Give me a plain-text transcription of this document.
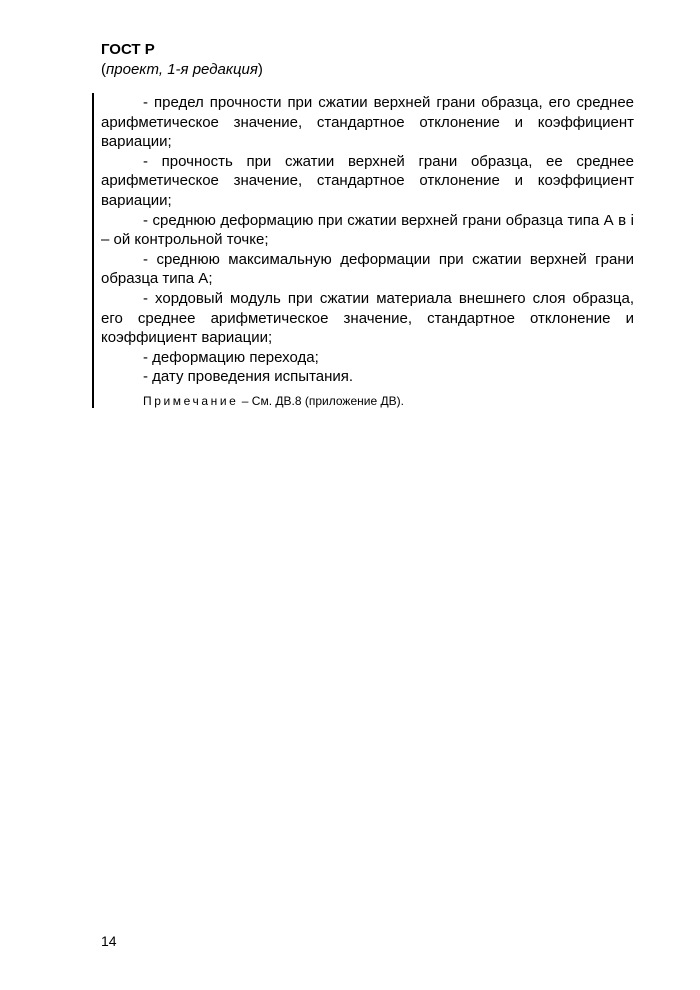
ГОСТ Р

(проект, 1-я редакция)

- предел прочности при сжатии верхней грани образца, его среднее арифметическое значение, стандартное отклонение и коэффициент вариации;

- прочность при сжатии верхней грани образца, ее среднее арифметическое значение, стандартное отклонение и коэффициент вариации;

- среднюю деформацию при сжатии верхней грани образца типа А в i – ой контрольной точке;

- среднюю максимальную деформации при сжатии верхней грани образца типа А;

- хордовый модуль при сжатии материала внешнего слоя образца, его среднее арифметическое значение, стандартное отклонение и коэффициент вариации;

- деформацию перехода;

- дату проведения испытания.

Примечание – См. ДВ.8 (приложение ДВ).

14
